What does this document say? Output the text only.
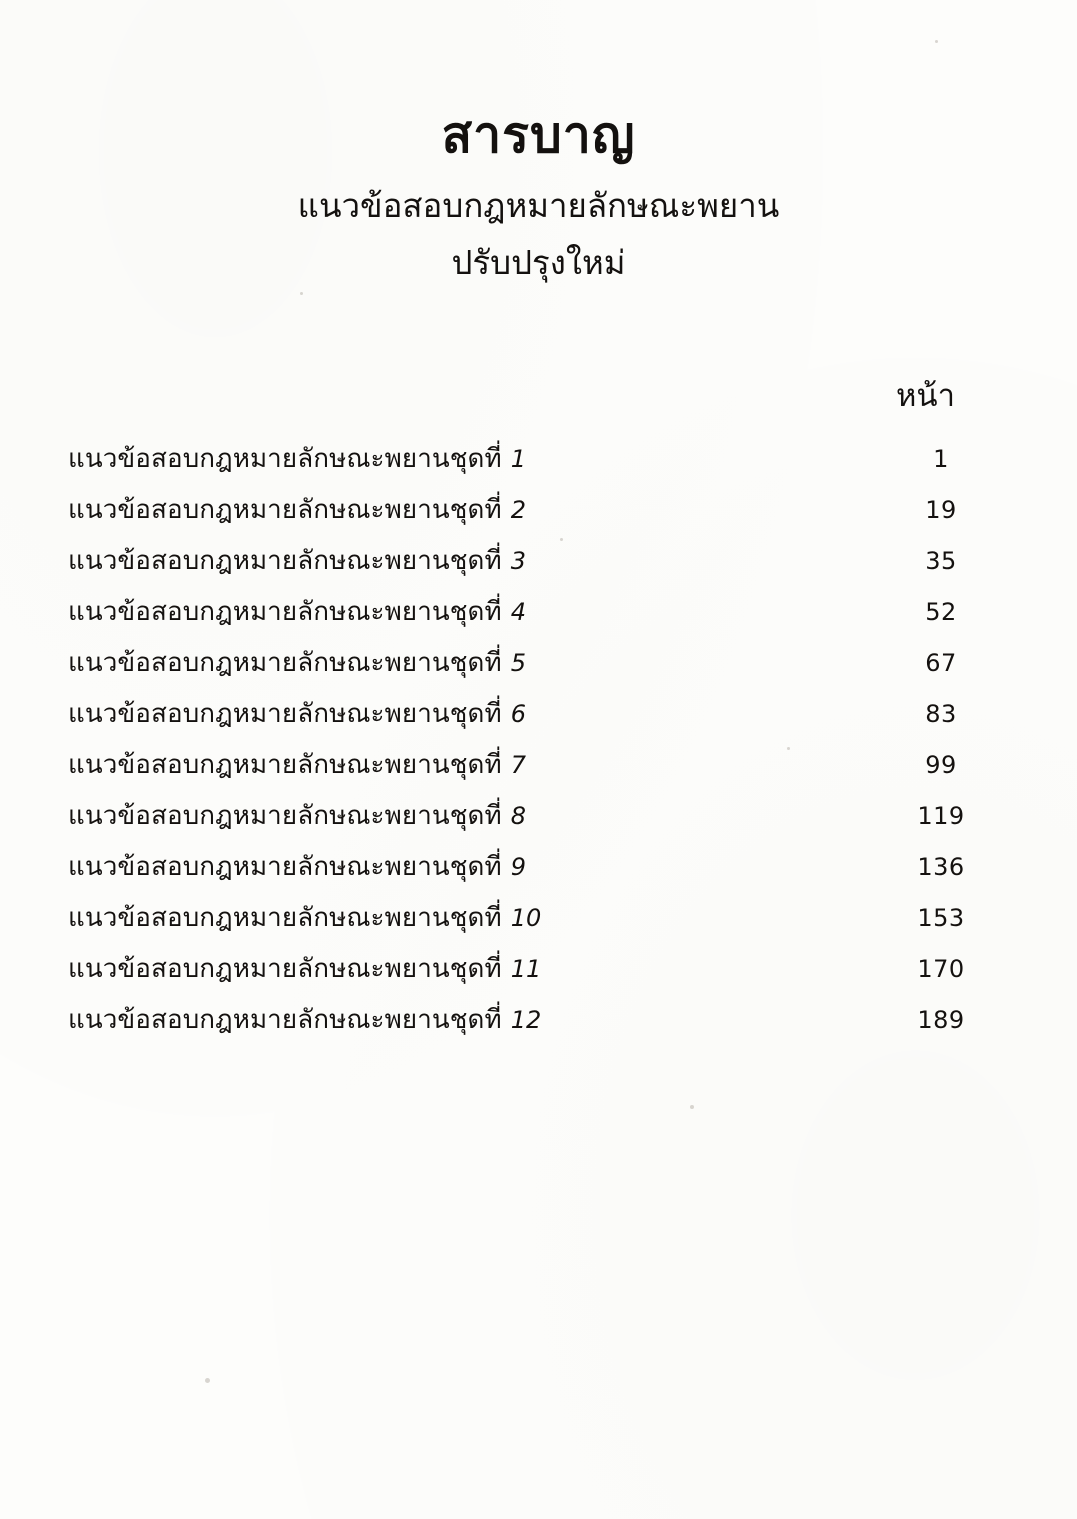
สารบาญ
แนวข้อสอบกฎหมายลักษณะพยาน
ปรับปรุงใหม่
หน้า
แนวข้อสอบกฎหมายลักษณะพยานชุดที่ 1	1
แนวข้อสอบกฎหมายลักษณะพยานชุดที่ 2	19
แนวข้อสอบกฎหมายลักษณะพยานชุดที่ 3	35
แนวข้อสอบกฎหมายลักษณะพยานชุดที่ 4	52
แนวข้อสอบกฎหมายลักษณะพยานชุดที่ 5	67
แนวข้อสอบกฎหมายลักษณะพยานชุดที่ 6	83
แนวข้อสอบกฎหมายลักษณะพยานชุดที่ 7	99
แนวข้อสอบกฎหมายลักษณะพยานชุดที่ 8	119
แนวข้อสอบกฎหมายลักษณะพยานชุดที่ 9	136
แนวข้อสอบกฎหมายลักษณะพยานชุดที่ 10	153
แนวข้อสอบกฎหมายลักษณะพยานชุดที่ 11	170
แนวข้อสอบกฎหมายลักษณะพยานชุดที่ 12	189
